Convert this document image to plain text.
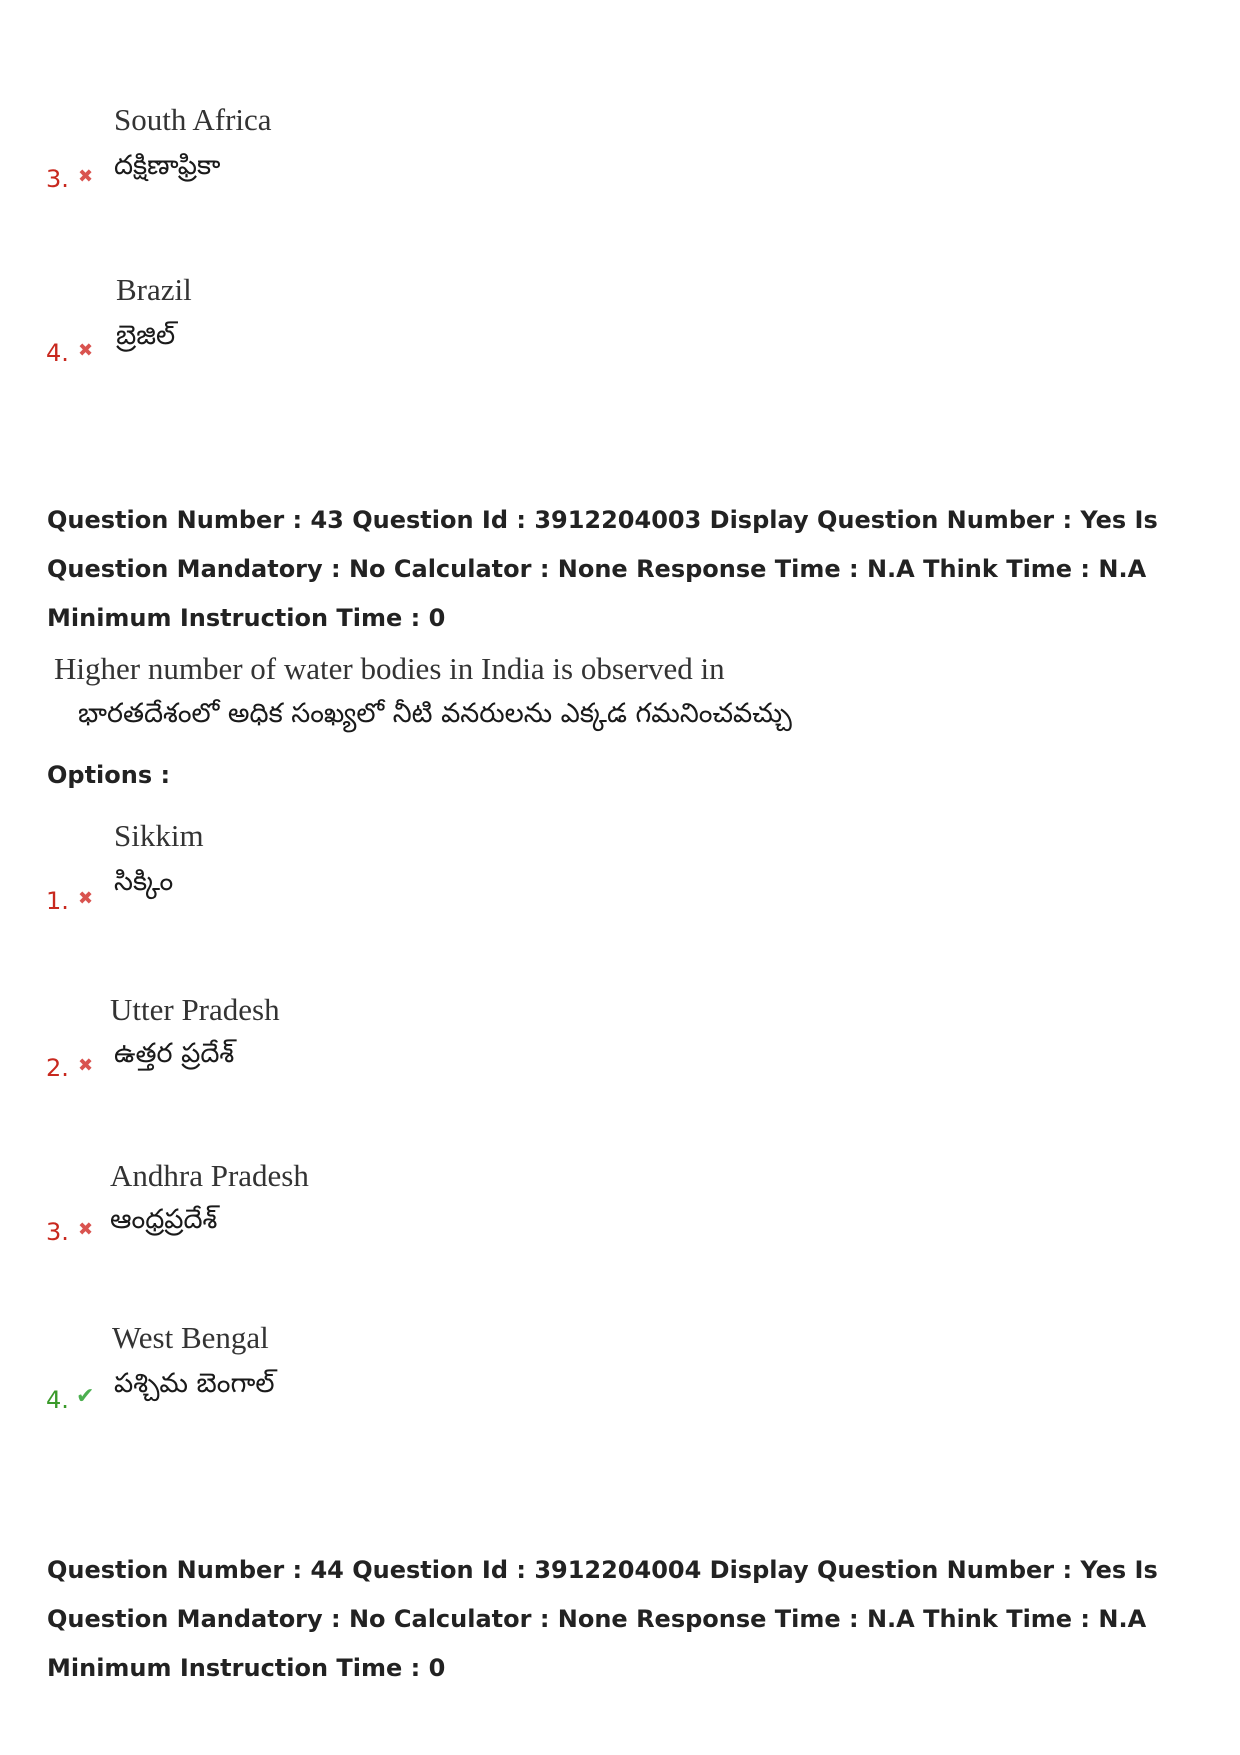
South Africa
దక్షిణాఫ్రికా
3. ✖
Brazil
బ్రెజిల్
4. ✖
Question Number : 43 Question Id : 3912204003 Display Question Number : Yes Is Question Mandatory : No Calculator : None Response Time : N.A Think Time : N.A Minimum Instruction Time : 0
Higher number of water bodies in India is observed in
భారతదేశంలో అధిక సంఖ్యలో నీటి వనరులను ఎక్కడ గమనించవచ్చు
Options :
Sikkim
సిక్కిం
1. ✖
Utter Pradesh
ఉత్తర ప్రదేశ్
2. ✖
Andhra Pradesh
ఆంధ్రప్రదేశ్
3. ✖
West Bengal
పశ్చిమ బెంగాల్
4. ✔
Question Number : 44 Question Id : 3912204004 Display Question Number : Yes Is Question Mandatory : No Calculator : None Response Time : N.A Think Time : N.A Minimum Instruction Time : 0
